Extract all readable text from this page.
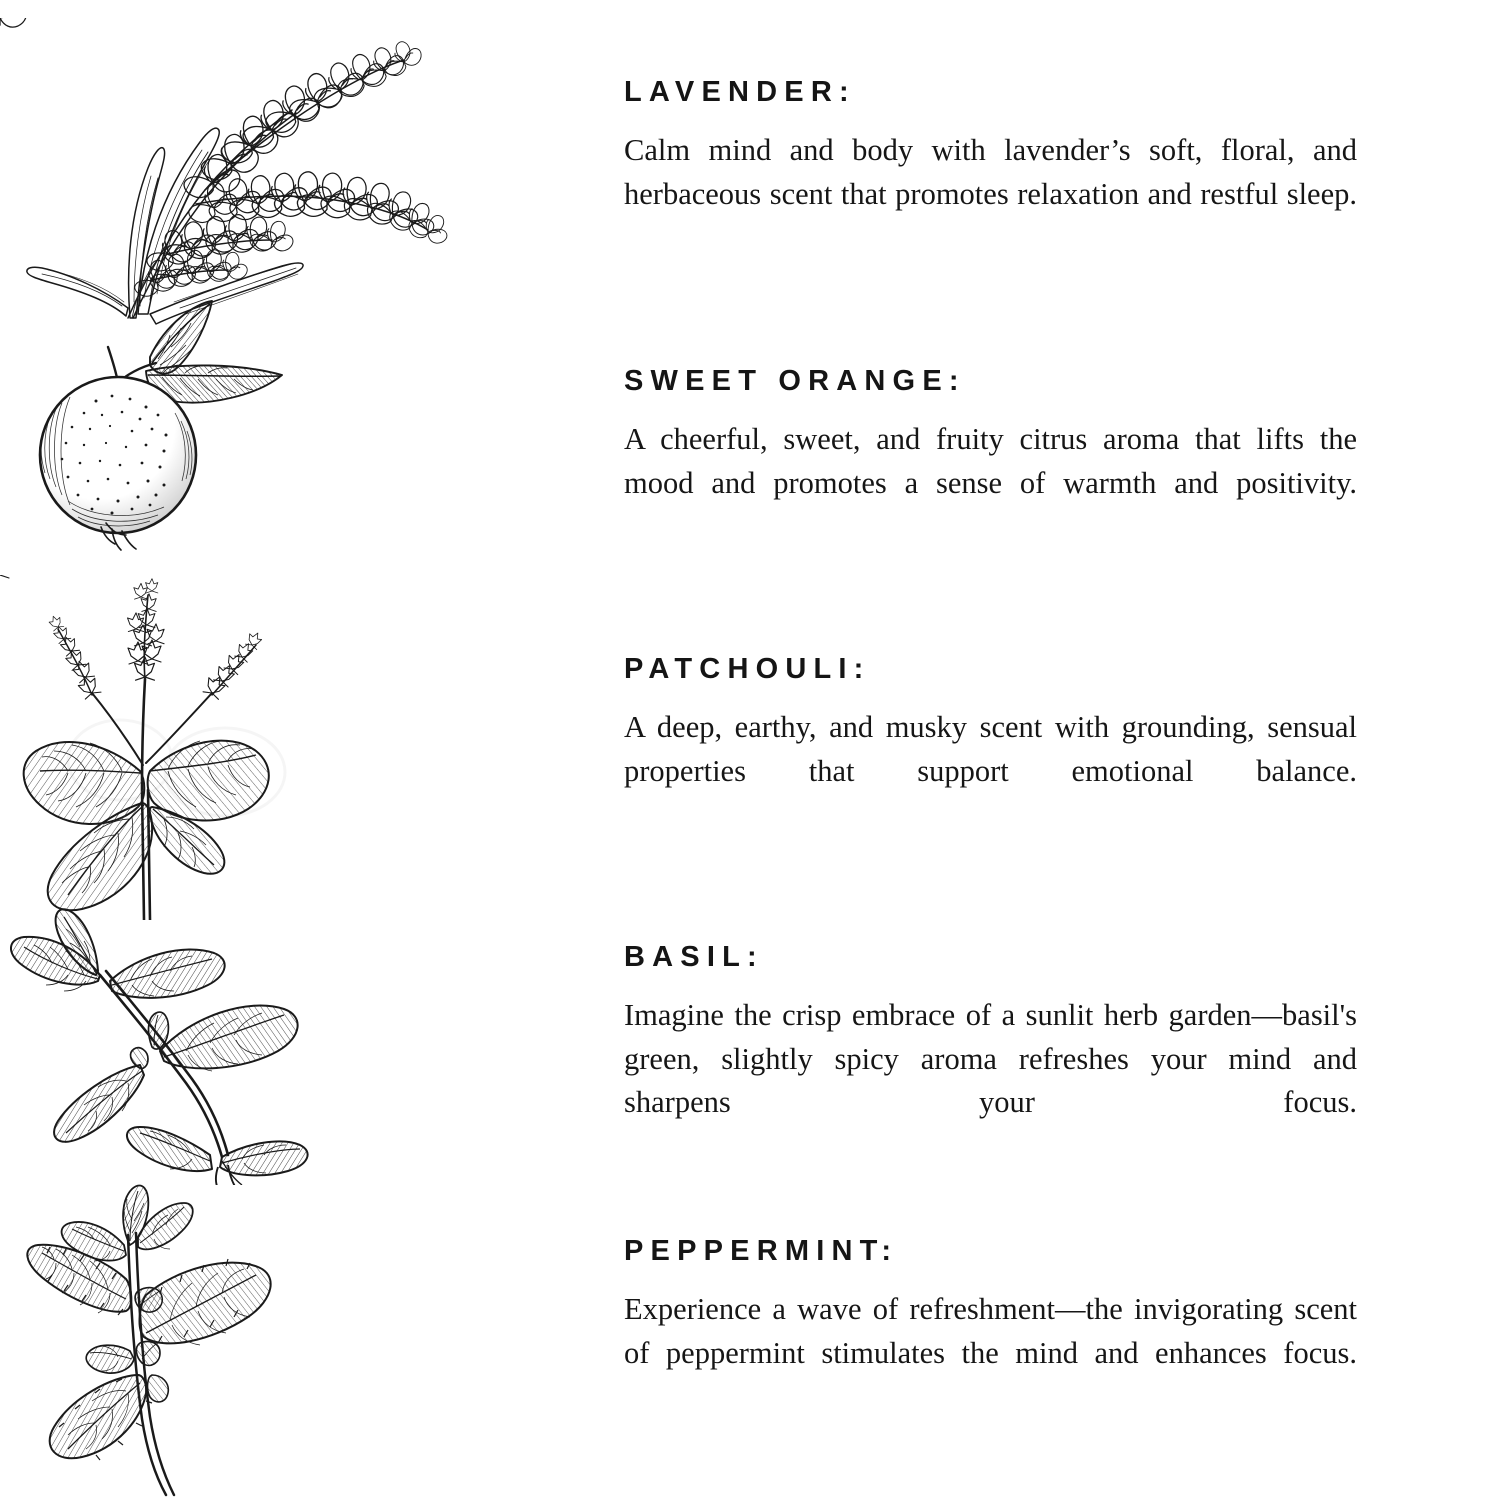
LAVENDER:

Calm mind and body with lavender’s soft, floral, and herbaceous scent that promotes relaxation and restful sleep.

SWEET ORANGE:

A cheerful, sweet, and fruity citrus aroma that lifts the mood and promotes a sense of warmth and positivity.

PATCHOULI:

A deep, earthy, and musky scent with grounding, sensual properties that support emotional balance.

BASIL:

Imagine the crisp embrace of a sunlit herb garden—basil's green, slightly spicy aroma refreshes your mind and sharpens your focus.

PEPPERMINT:

Experience a wave of refreshment—the invigorating scent of peppermint stimulates the mind and enhances focus.
